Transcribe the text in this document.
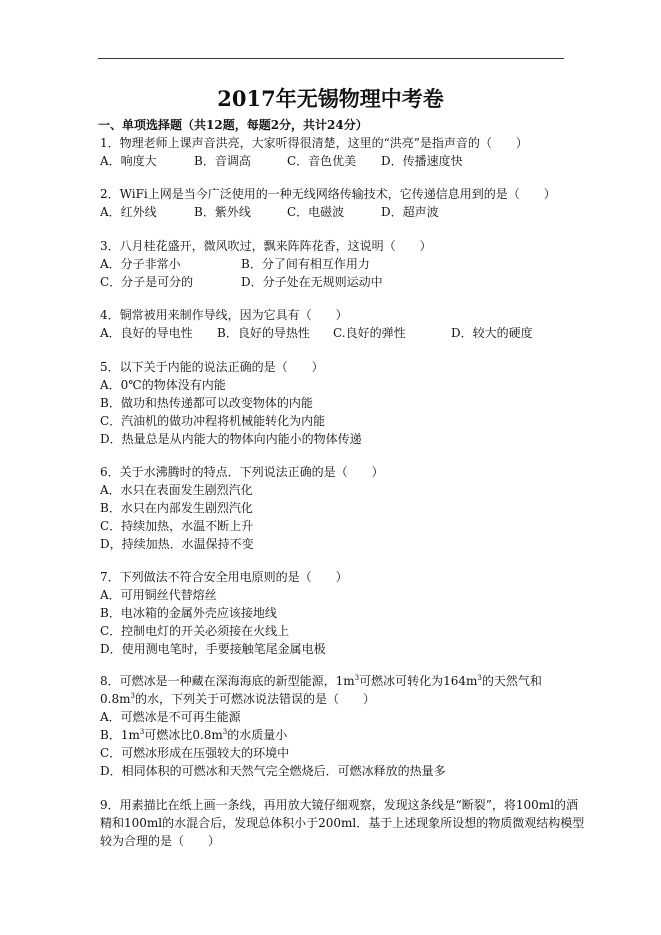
2017年无锡物理中考卷
一、单项选择题（共12题，每题2分，共计24分）
1．物理老师上课声音洪亮，大家听得很清楚，这里的“洪亮”是指声音的（　　）
A．响度大	B．音调高	C．音色优美 D．传播速度快
2．WiFi上网是当今广泛使用的一种无线网络传输技术，它传递信息用到的是（　　）
A．红外线	B．紫外线	C．电磁波	D．超声波
3．八月桂花盛开，微风吹过，飘来阵阵花香，这说明（　　）
A．分子非常小	B．分了间有相互作用力
C．分子是可分的	D．分子处在无规则运动中
4．铜常被用来制作导线，因为它具有（　　）
A．良好的导电性 B．良好的导热性 C.良好的弹性	D．较大的硬度
5．以下关于内能的说法正确的是（　　）
A．0℃的物体没有内能
B．做功和热传递都可以改变物体的内能
C．汽油机的做功冲程将机械能转化为内能
D．热量总是从内能大的物体向内能小的物体传递
6．关于水沸腾时的特点．下列说法正确的是（　　）
A．水只在表面发生剧烈汽化
B．水只在内部发生剧烈汽化
C．持续加热，水温不断上升
D，持续加热．水温保持不变
7．下列做法不符合安全用电原则的是（　　）
A．可用铜丝代替熔丝
B．电冰箱的金属外壳应该接地线
C．控制电灯的开关必须接在火线上
D．使用测电笔时，手要接触笔尾金属电极
8．可燃冰是一种藏在深海海底的新型能源，$1m^3$可燃冰可转化为$164m^3$的天然气和
$0.8m^3$的水，下列关于可燃冰说法错误的是（　　）
A．可燃冰是不可再生能源
B．$1m^3$可燃冰比$0.8m^3$的水质量小
C．可燃冰形成在压强较大的环境中
D．相同体积的可燃冰和天然气完全燃烧后．可燃冰释放的热量多
9．用素描比在纸上画一条线，再用放大镜仔细观察，发现这条线是“断裂”，将100ml的酒
精和100ml的水混合后，发现总体积小于200ml．基于上述现象所设想的物质微观结构模型
较为合理的是（　　）
